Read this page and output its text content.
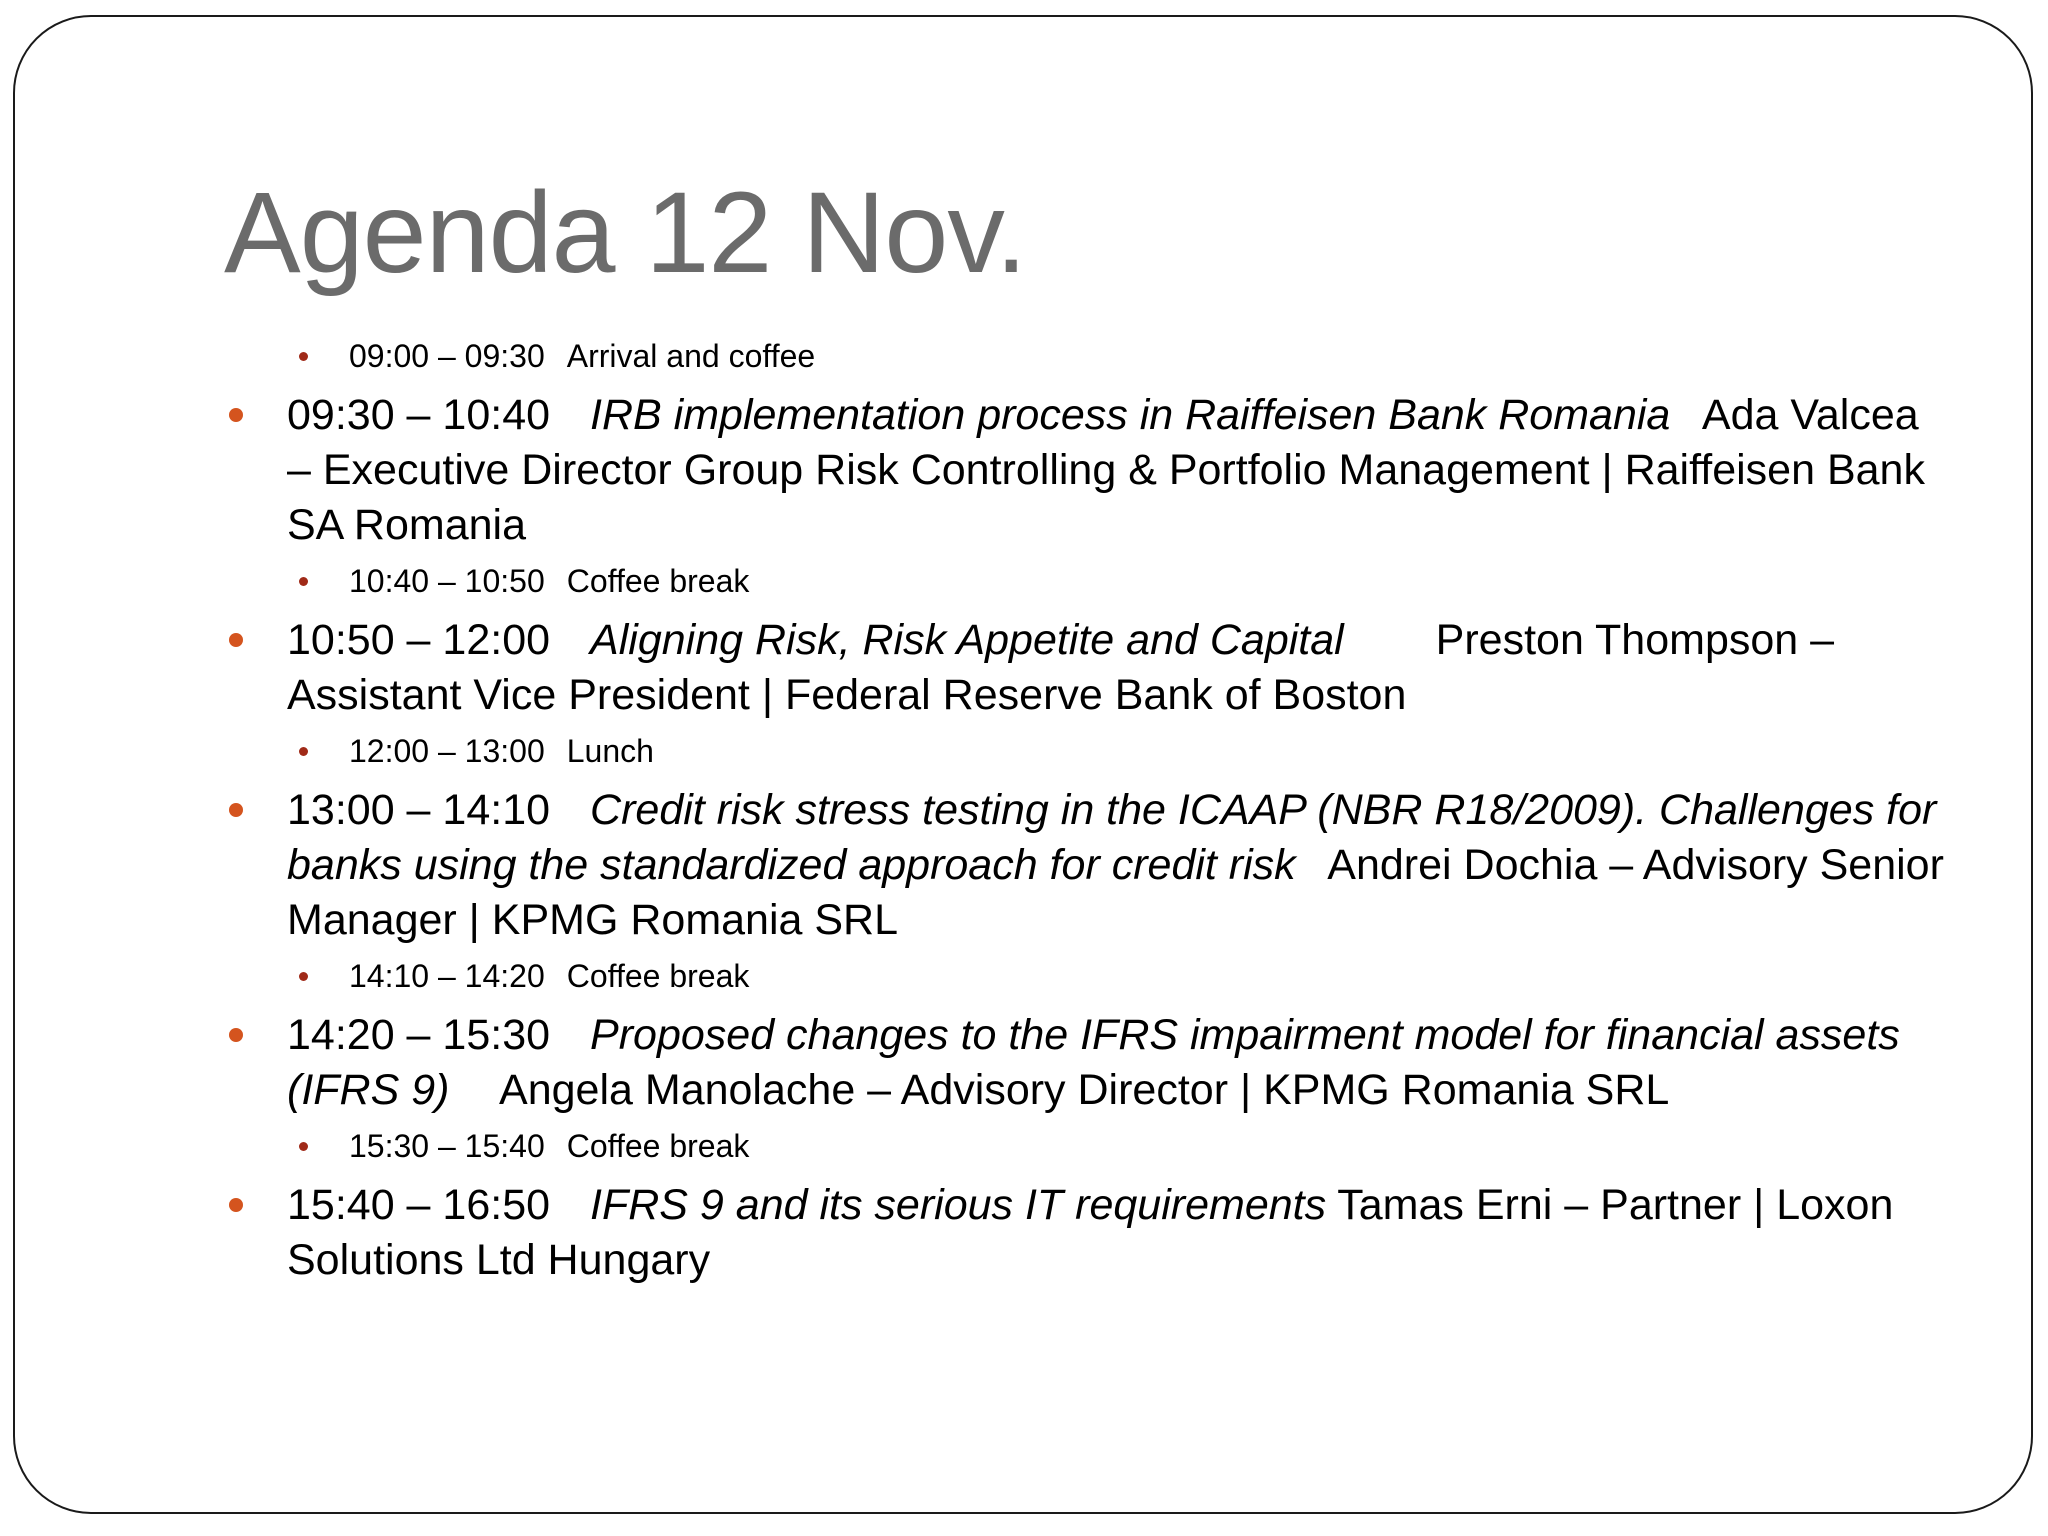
Agenda 12 Nov.
09:00 – 09:30 Arrival and coffee
09:30 – 10:40 IRB implementation process in Raiffeisen Bank Romania Ada Valcea – Executive Director Group Risk Controlling & Portfolio Management | Raiffeisen Bank SA Romania
10:40 – 10:50 Coffee break
10:50 – 12:00 Aligning Risk, Risk Appetite and Capital Preston Thompson – Assistant Vice President | Federal Reserve Bank of Boston
12:00 – 13:00 Lunch
13:00 – 14:10 Credit risk stress testing in the ICAAP (NBR R18/2009). Challenges for banks using the standardized approach for credit risk Andrei Dochia – Advisory Senior Manager | KPMG Romania SRL
14:10 – 14:20 Coffee break
14:20 – 15:30 Proposed changes to the IFRS impairment model for financial assets (IFRS 9) Angela Manolache – Advisory Director | KPMG Romania SRL
15:30 – 15:40 Coffee break
15:40 – 16:50 IFRS 9 and its serious IT requirements Tamas Erni – Partner | Loxon Solutions Ltd Hungary
